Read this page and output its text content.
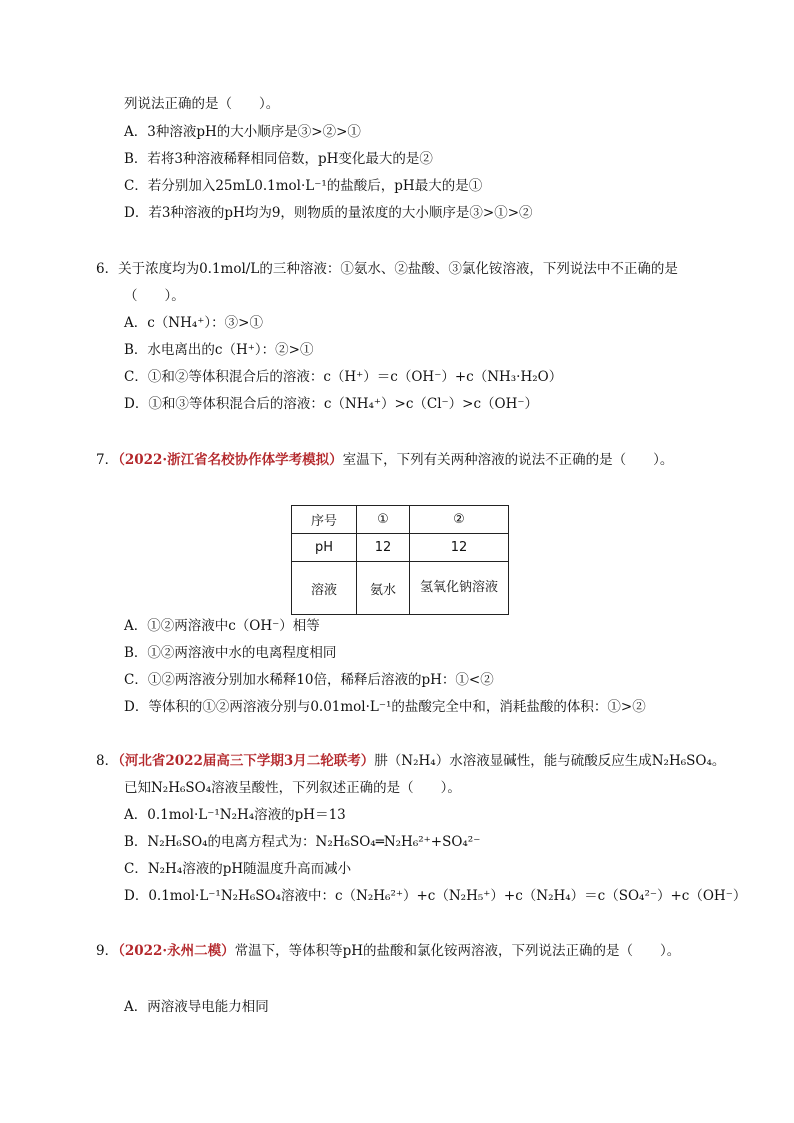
列说法正确的是（　　）。
A．3种溶液pH的大小顺序是③>②>①
B．若将3种溶液稀释相同倍数，pH变化最大的是②
C．若分别加入25mL0.1mol·L⁻¹的盐酸后，pH最大的是①
D．若3种溶液的pH均为9，则物质的量浓度的大小顺序是③>①>②
6．关于浓度均为0.1mol/L的三种溶液：①氨水、②盐酸、③氯化铵溶液，下列说法中不正确的是
（　　）。
A．c（NH₄⁺）：③>①
B．水电离出的c（H⁺）：②>①
C．①和②等体积混合后的溶液：c（H⁺）＝c（OH⁻）+c（NH₃·H₂O）
D．①和③等体积混合后的溶液：c（NH₄⁺）>c（Cl⁻）>c（OH⁻）
7．（2022·浙江省名校协作体学考模拟）室温下，下列有关两种溶液的说法不正确的是（　　）。
序号	①	②
pH	12	12
溶液	氨水	氢氧化钠溶液
A．①②两溶液中c（OH⁻）相等
B．①②两溶液中水的电离程度相同
C．①②两溶液分别加水稀释10倍，稀释后溶液的pH：①<②
D．等体积的①②两溶液分别与0.01mol·L⁻¹的盐酸完全中和，消耗盐酸的体积：①>②
8．（河北省2022届高三下学期3月二轮联考）肼（N₂H₄）水溶液显碱性，能与硫酸反应生成N₂H₆SO₄。
已知N₂H₆SO₄溶液呈酸性，下列叙述正确的是（　　）。
A．0.1mol·L⁻¹N₂H₄溶液的pH＝13
B．N₂H₆SO₄的电离方程式为：N₂H₆SO₄═N₂H₆²⁺+SO₄²⁻
C．N₂H₄溶液的pH随温度升高而减小
D．0.1mol·L⁻¹N₂H₆SO₄溶液中：c（N₂H₆²⁺）+c（N₂H₅⁺）+c（N₂H₄）＝c（SO₄²⁻）+c（OH⁻）
9．（2022·永州二模）常温下，等体积等pH的盐酸和氯化铵两溶液，下列说法正确的是（　　）。
A．两溶液导电能力相同
